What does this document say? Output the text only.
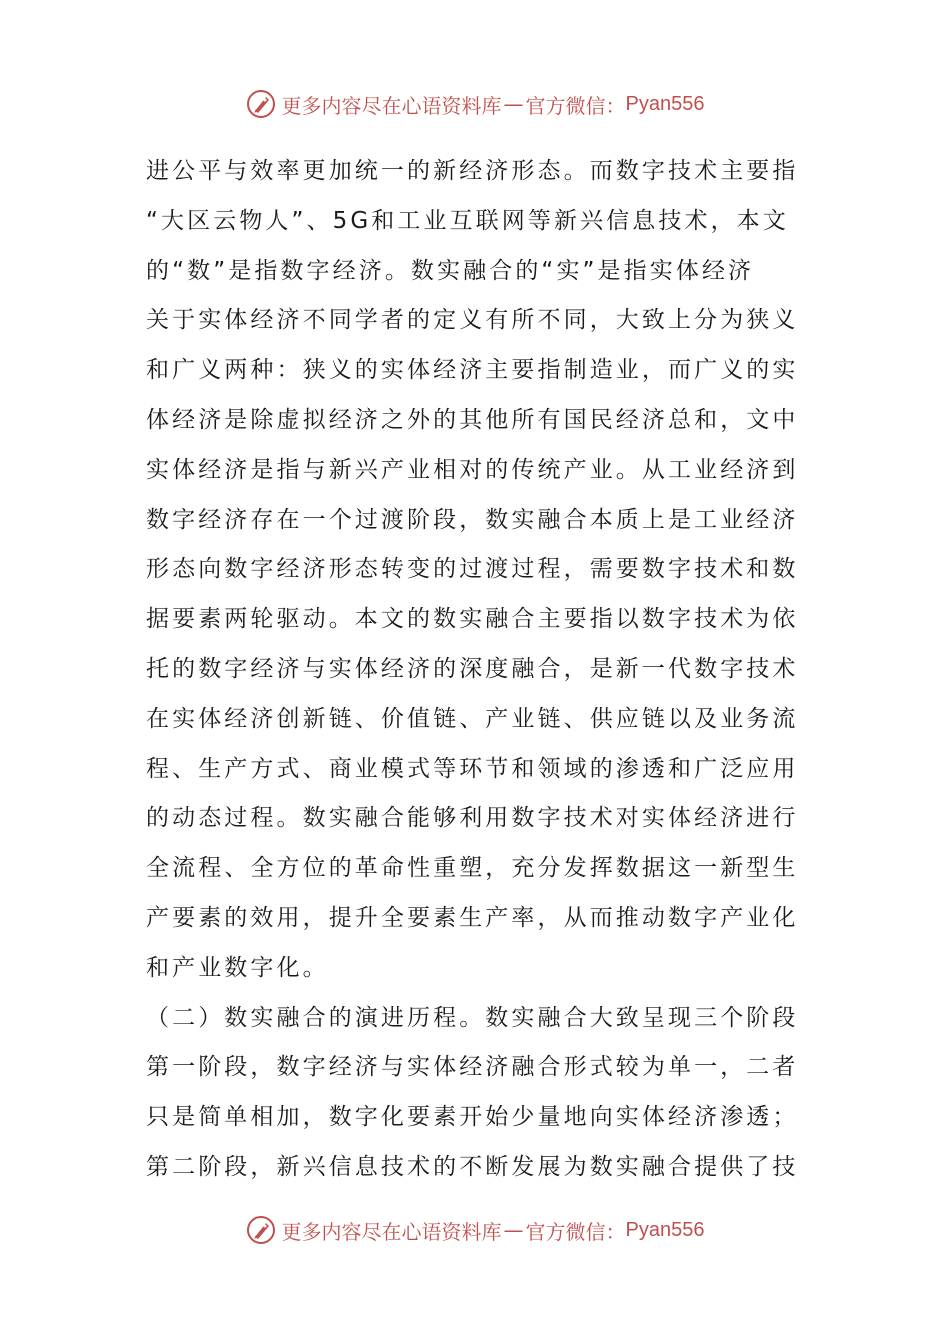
更多内容尽在心语资料库 — 官方微信： Pyan556
进公平与效率更加统一的新经济形态。而数字技术主要指
“大区云物人”、5G和工业互联网等新兴信息技术，本文
的“数”是指数字经济。数实融合的“实”是指实体经济
关于实体经济不同学者的定义有所不同，大致上分为狭义
和广义两种：狭义的实体经济主要指制造业，而广义的实
体经济是除虚拟经济之外的其他所有国民经济总和，文中
实体经济是指与新兴产业相对的传统产业。从工业经济到
数字经济存在一个过渡阶段，数实融合本质上是工业经济
形态向数字经济形态转变的过渡过程，需要数字技术和数
据要素两轮驱动。本文的数实融合主要指以数字技术为依
托的数字经济与实体经济的深度融合，是新一代数字技术
在实体经济创新链、价值链、产业链、供应链以及业务流
程、生产方式、商业模式等环节和领域的渗透和广泛应用
的动态过程。数实融合能够利用数字技术对实体经济进行
全流程、全方位的革命性重塑，充分发挥数据这一新型生
产要素的效用，提升全要素生产率，从而推动数字产业化
和产业数字化。
（二）数实融合的演进历程。数实融合大致呈现三个阶段
第一阶段，数字经济与实体经济融合形式较为单一，二者
只是简单相加，数字化要素开始少量地向实体经济渗透；
第二阶段，新兴信息技术的不断发展为数实融合提供了技
更多内容尽在心语资料库 — 官方微信： Pyan556
